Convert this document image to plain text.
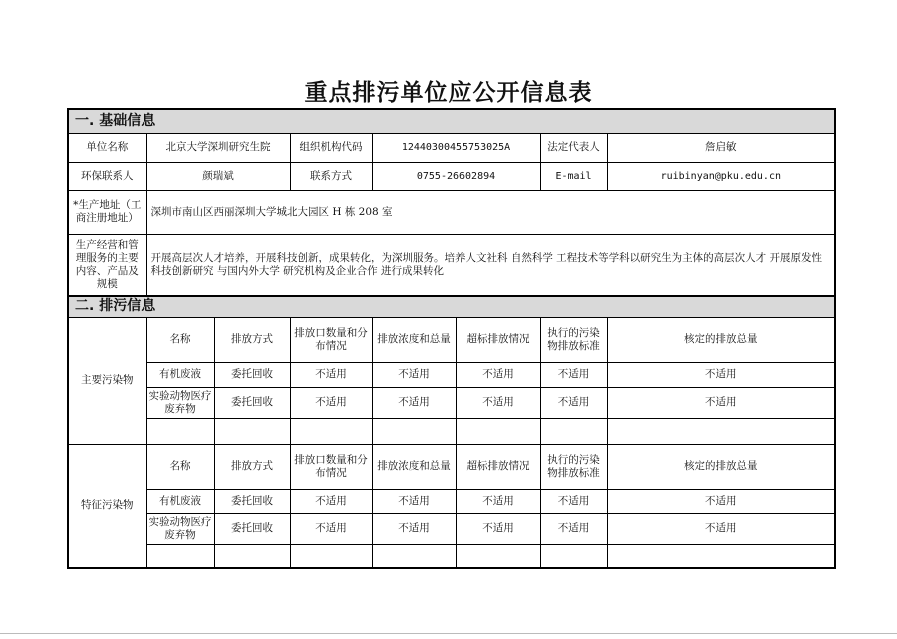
重点排污单位应公开信息表
一. 基础信息							
单位名称	北京大学深圳研究生院		组织机构代码	12440300455753025A		法定代表人	詹启敏
环保联系人	颜瑞斌		联系方式	0755-26602894		E-mail	ruibinyan@pku.edu.cn
*生产地址（工商注册地址）	深圳市南山区西丽深圳大学城北大园区 H 栋 208 室						
生产经营和管理服务的主要内容、产品及规模	开展高层次人才培养，开展科技创新，成果转化，为深圳服务。培养人文社科 自然科学 工程技术等学科以研究生为主体的高层次人才 开展原发性科技创新研究 与国内外大学 研究机构及企业合作 进行成果转化						
二. 排污信息							
主要污染物	名称	排放方式	排放口数量和分布情况	排放浓度和总量	超标排放情况	执行的污染物排放标准	核定的排放总量
	有机废液	委托回收	不适用	不适用	不适用	不适用	不适用
	实验动物医疗废弃物	委托回收	不适用	不适用	不适用	不适用	不适用

特征污染物	名称	排放方式	排放口数量和分布情况	排放浓度和总量	超标排放情况	执行的污染物排放标准	核定的排放总量
	有机废液	委托回收	不适用	不适用	不适用	不适用	不适用
	实验动物医疗废弃物	委托回收	不适用	不适用	不适用	不适用	不适用
